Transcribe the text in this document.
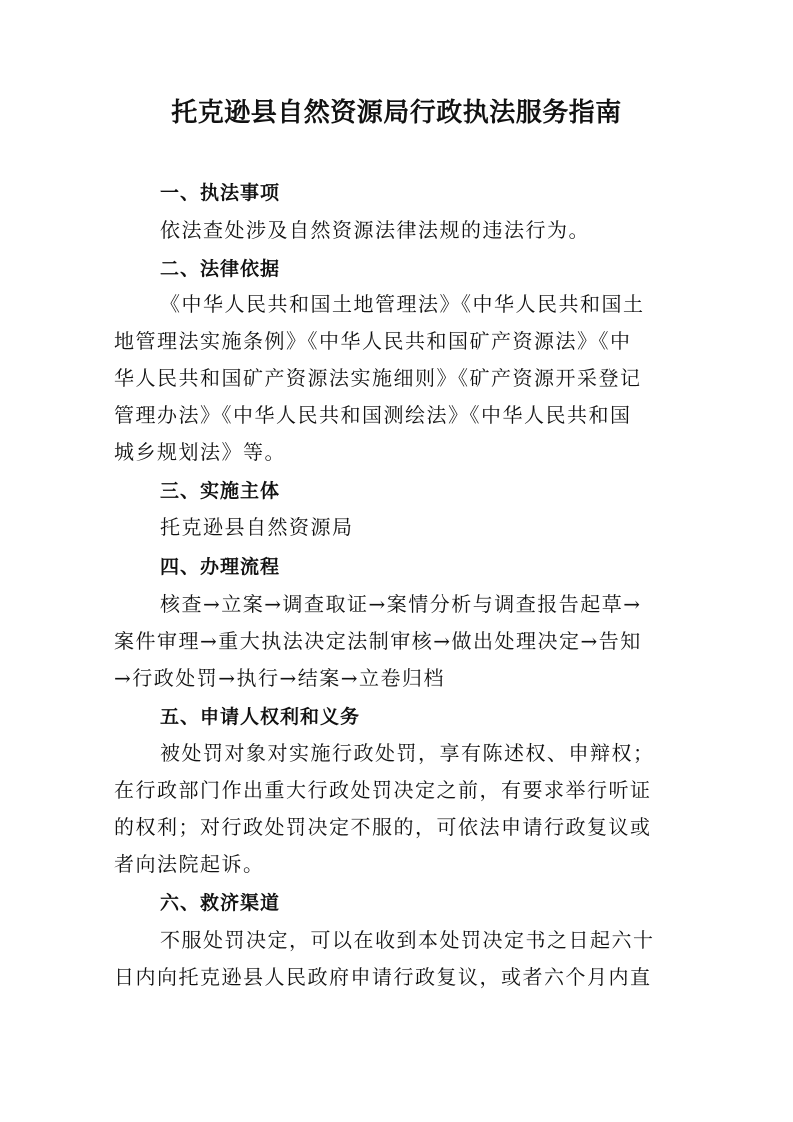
托克逊县自然资源局行政执法服务指南
一、执法事项
依法查处涉及自然资源法律法规的违法行为。
二、法律依据
《中华人民共和国土地管理法》《中华人民共和国土
地管理法实施条例》《中华人民共和国矿产资源法》《中
华人民共和国矿产资源法实施细则》《矿产资源开采登记
管理办法》《中华人民共和国测绘法》《中华人民共和国
城乡规划法》等。
三、实施主体
托克逊县自然资源局
四、办理流程
核查→立案→调查取证→案情分析与调查报告起草→
案件审理→重大执法决定法制审核→做出处理决定→告知
→行政处罚→执行→结案→立卷归档
五、申请人权利和义务
被处罚对象对实施行政处罚，享有陈述权、申辩权；
在行政部门作出重大行政处罚决定之前，有要求举行听证
的权利；对行政处罚决定不服的，可依法申请行政复议或
者向法院起诉。
六、救济渠道
不服处罚决定，可以在收到本处罚决定书之日起六十
日内向托克逊县人民政府申请行政复议，或者六个月内直
